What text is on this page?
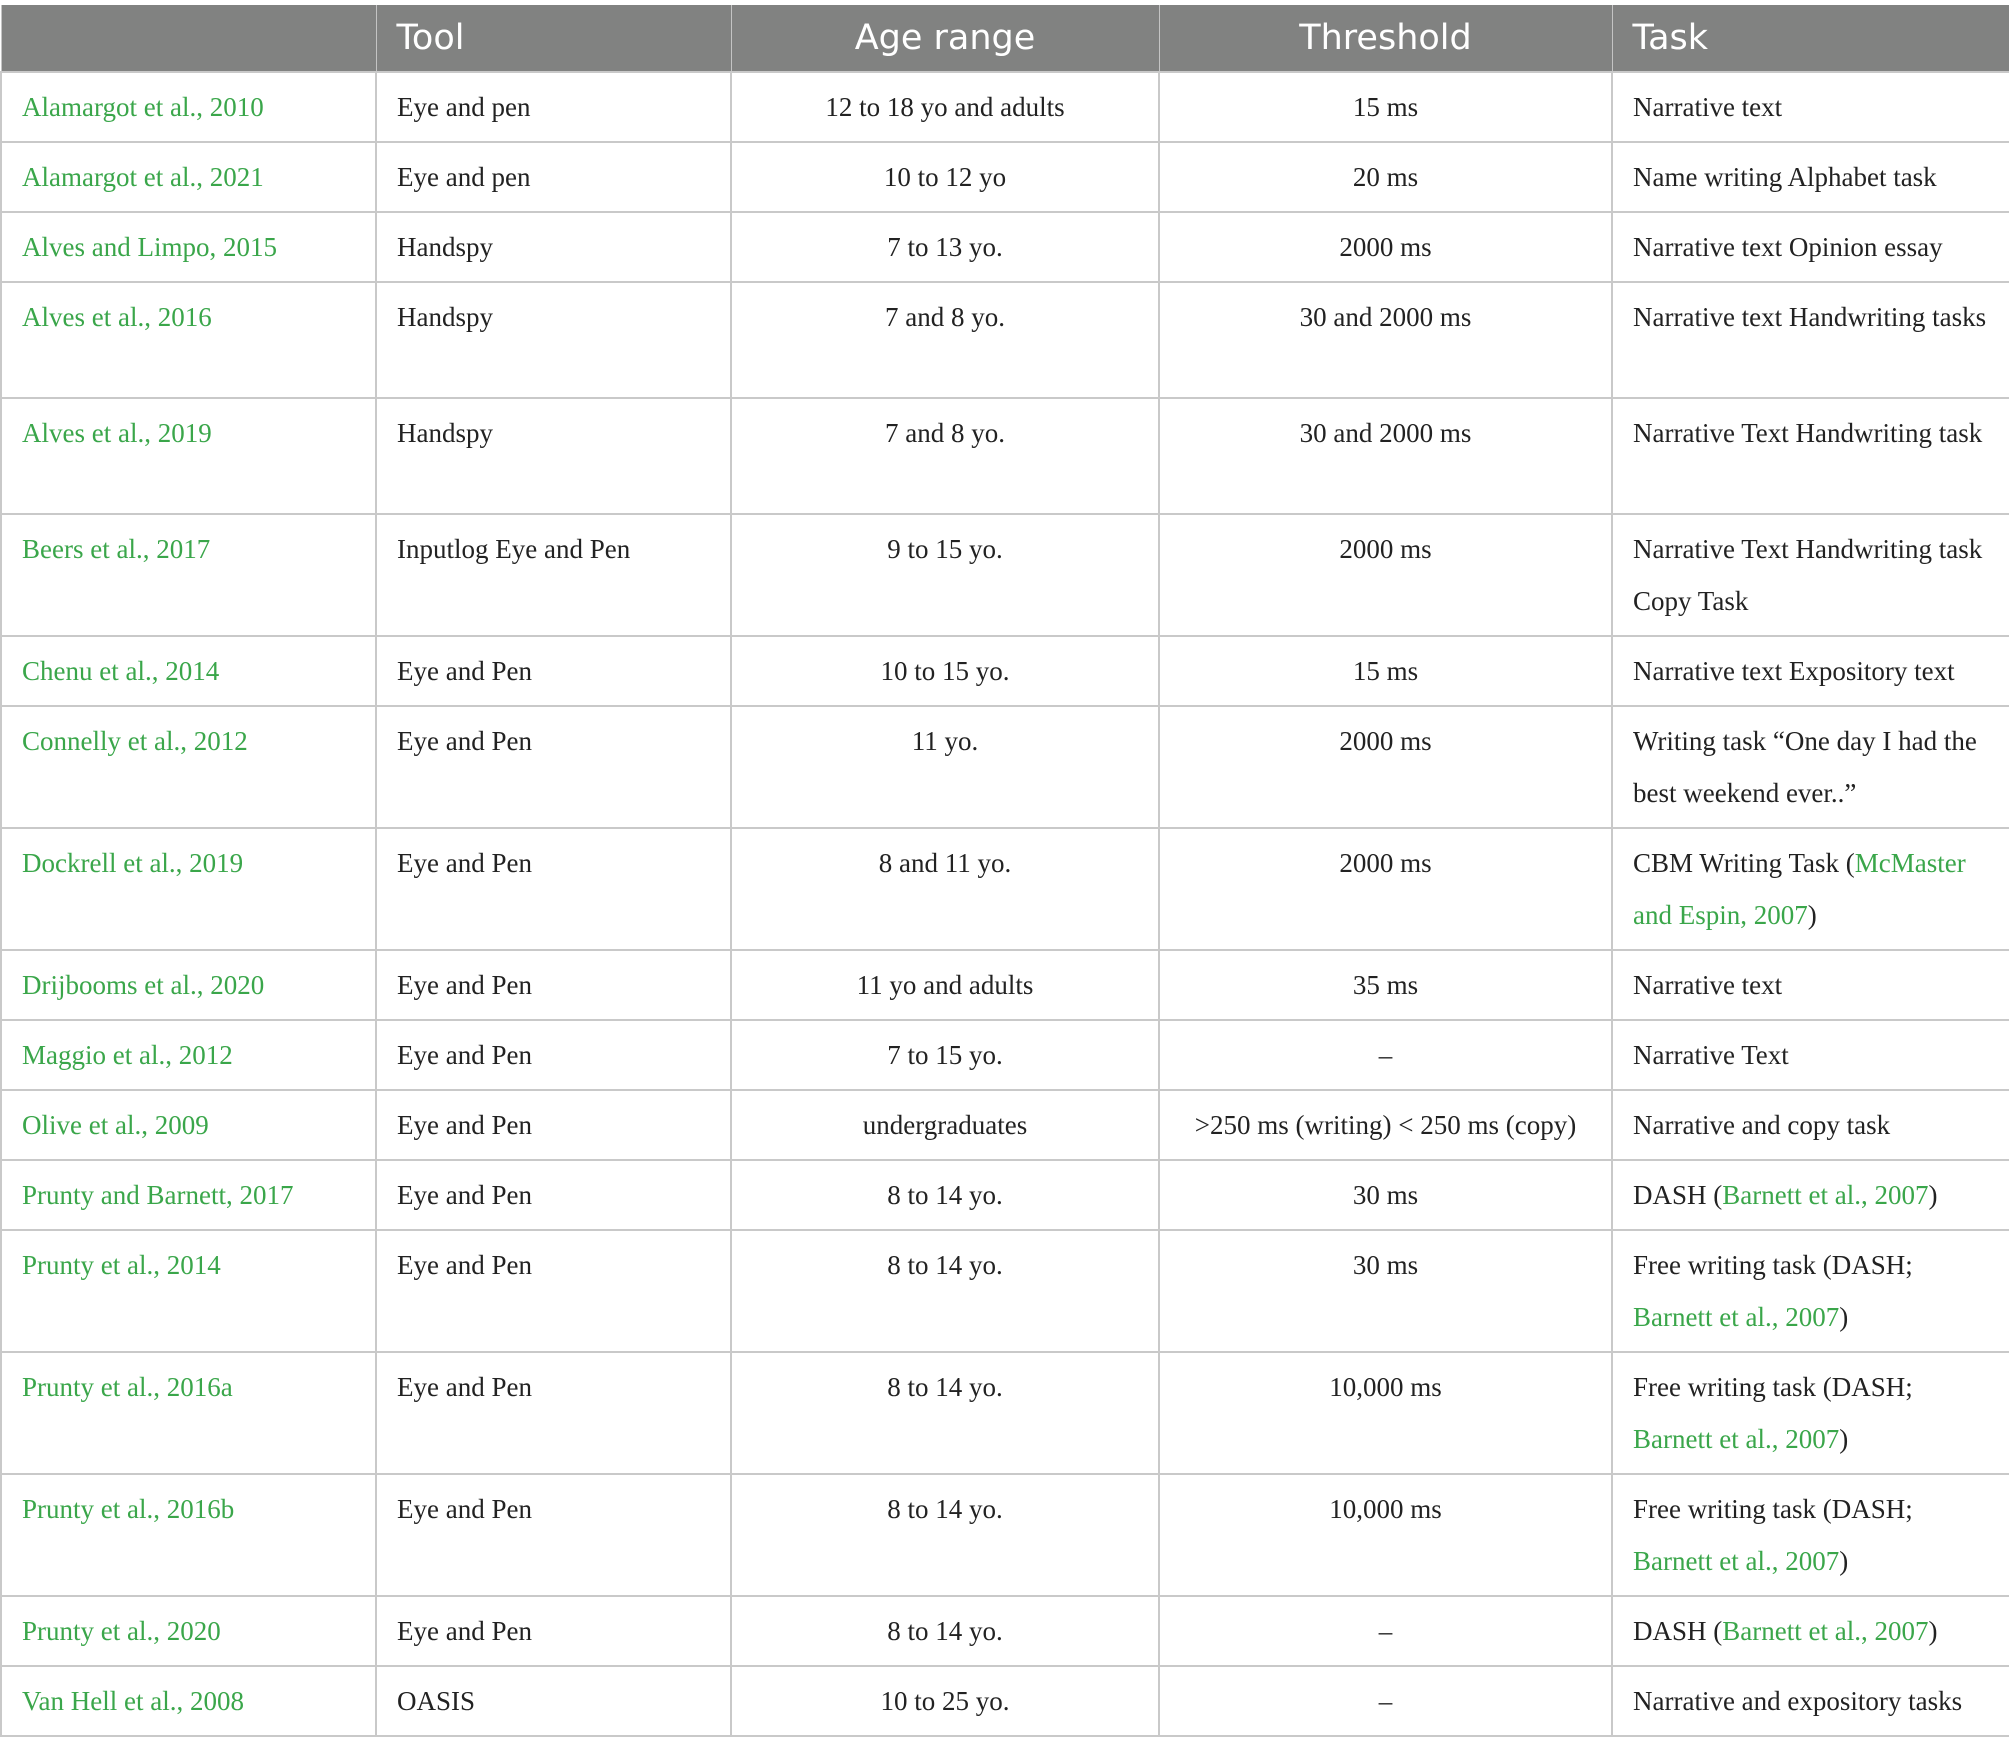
	Tool	Age range	Threshold	Task
Alamargot et al., 2010	Eye and pen	12 to 18 yo and adults	15 ms	Narrative text
Alamargot et al., 2021	Eye and pen	10 to 12 yo	20 ms	Name writing Alphabet task
Alves and Limpo, 2015	Handspy	7 to 13 yo.	2000 ms	Narrative text Opinion essay
Alves et al., 2016	Handspy	7 and 8 yo.	30 and 2000 ms	Narrative text Handwriting tasks
Alves et al., 2019	Handspy	7 and 8 yo.	30 and 2000 ms	Narrative Text Handwriting task
Beers et al., 2017	Inputlog Eye and Pen	9 to 15 yo.	2000 ms	Narrative Text Handwriting task Copy Task
Chenu et al., 2014	Eye and Pen	10 to 15 yo.	15 ms	Narrative text Expository text
Connelly et al., 2012	Eye and Pen	11 yo.	2000 ms	Writing task “One day I had the best weekend ever..”
Dockrell et al., 2019	Eye and Pen	8 and 11 yo.	2000 ms	CBM Writing Task (McMaster and Espin, 2007)
Drijbooms et al., 2020	Eye and Pen	11 yo and adults	35 ms	Narrative text
Maggio et al., 2012	Eye and Pen	7 to 15 yo.	–	Narrative Text
Olive et al., 2009	Eye and Pen	undergraduates	>250 ms (writing) < 250 ms (copy)	Narrative and copy task
Prunty and Barnett, 2017	Eye and Pen	8 to 14 yo.	30 ms	DASH (Barnett et al., 2007)
Prunty et al., 2014	Eye and Pen	8 to 14 yo.	30 ms	Free writing task (DASH; Barnett et al., 2007)
Prunty et al., 2016a	Eye and Pen	8 to 14 yo.	10,000 ms	Free writing task (DASH; Barnett et al., 2007)
Prunty et al., 2016b	Eye and Pen	8 to 14 yo.	10,000 ms	Free writing task (DASH; Barnett et al., 2007)
Prunty et al., 2020	Eye and Pen	8 to 14 yo.	–	DASH (Barnett et al., 2007)
Van Hell et al., 2008	OASIS	10 to 25 yo.	–	Narrative and expository tasks
